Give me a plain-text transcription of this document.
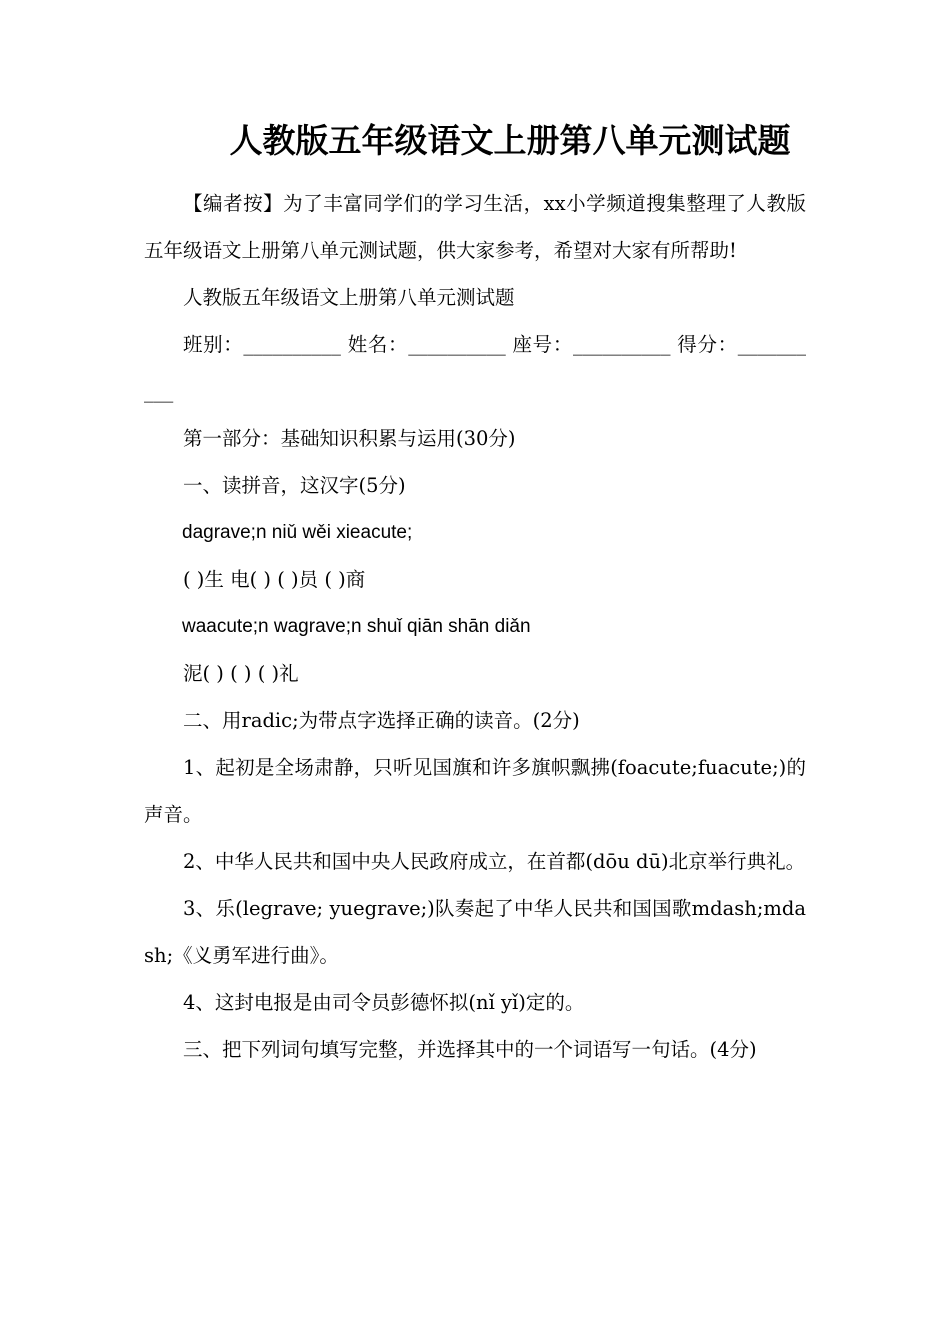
人教版五年级语文上册第八单元测试题

【编者按】为了丰富同学们的学习生活，xx小学频道搜集整理了人教版五年级语文上册第八单元测试题，供大家参考，希望对大家有所帮助!

人教版五年级语文上册第八单元测试题

班别：__________ 姓名：__________ 座号：__________ 得分：__________

第一部分：基础知识积累与运用(30分)

一、读拼音，这汉字(5分)

dagrave;n niǔ wěi xieacute;

( )生 电( ) ( )员 ( )商

waacute;n wagrave;n shuǐ qiān shān diǎn

泥( ) ( ) ( )礼

二、用radic;为带点字选择正确的读音。(2分)

1、起初是全场肃静，只听见国旗和许多旗帜飘拂(foacute;fuacute;)的声音。

2、中华人民共和国中央人民政府成立，在首都(dōu dū)北京举行典礼。

3、乐(legrave; yuegrave;)队奏起了中华人民共和国国歌mdash;mdash;《义勇军进行曲》。

4、这封电报是由司令员彭德怀拟(nǐ yǐ)定的。

三、把下列词句填写完整，并选择其中的一个词语写一句话。(4分)
